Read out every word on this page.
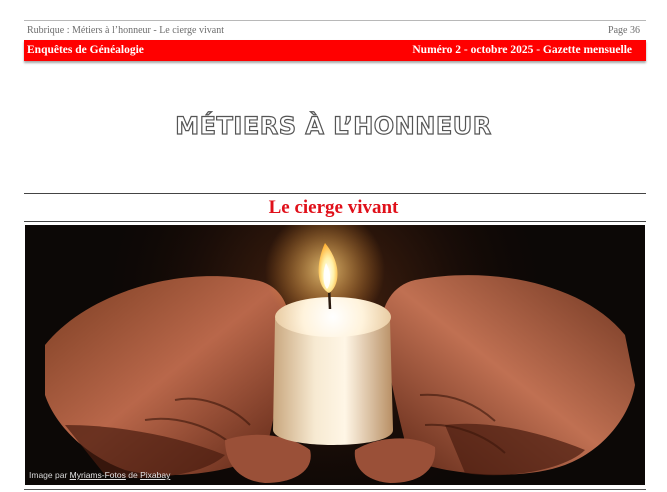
Rubrique : Métiers à l’honneur - Le cierge vivant	Page 36
Enquêtes de Généalogie	Numéro 2 - octobre 2025 - Gazette mensuelle
MÉTIERS À L’HONNEUR
Le cierge vivant
Image par Myriams-Fotos de Pixabay
